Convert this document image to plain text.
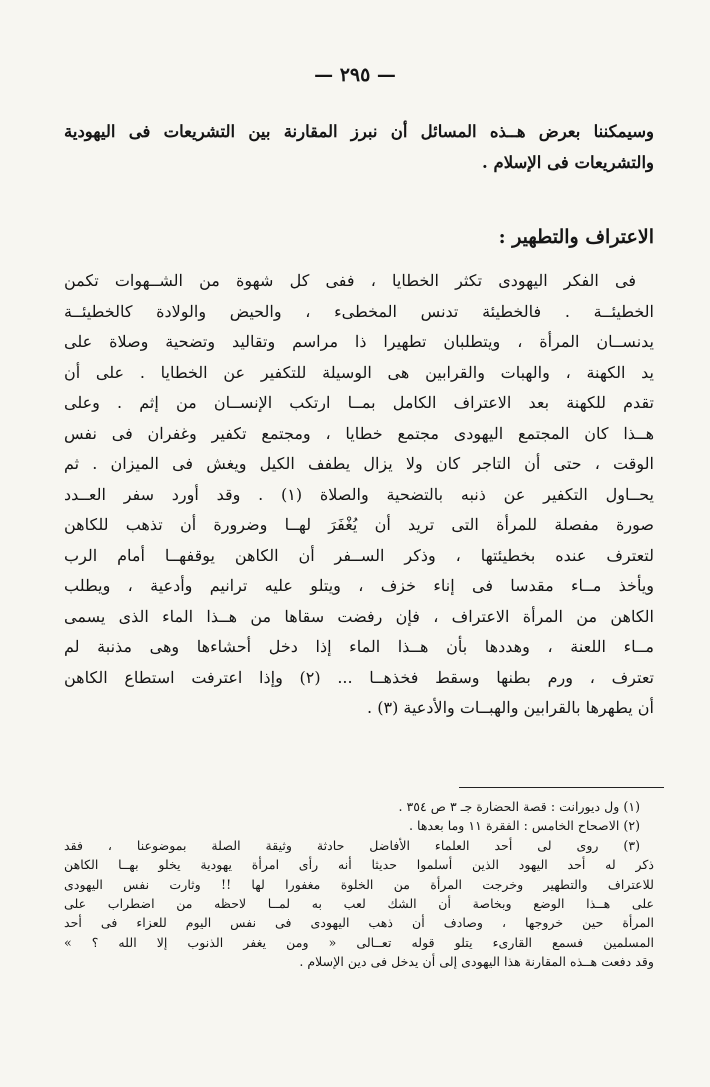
— ٢٩٥ —

وسيمكننا بعرض هــذه المسائل أن نبرز المقارنة بين التشريعات فى اليهودية
والتشريعات فى الإسلام .

الاعتراف والتطهير :

فى الفكر اليهودى تكثر الخطايا ، ففى كل شهوة من الشــهوات تكمن
الخطيئــة . فالخطيئة تدنس المخطىء ، والحيض والولادة كالخطيئــة
يدنســان المرأة ، ويتطلبان تطهيرا ذا مراسم وتقاليد وتضحية وصلاة على
يد الكهنة ، والهبات والقرابين هى الوسيلة للتكفير عن الخطايا . على أن
تقدم للكهنة بعد الاعتراف الكامل بمــا ارتكب الإنســان من إثم . وعلى
هــذا كان المجتمع اليهودى مجتمع خطايا ، ومجتمع تكفير وغفران فى نفس
الوقت ، حتى أن التاجر كان ولا يزال يطفف الكيل ويغش فى الميزان . ثم
يحــاول التكفير عن ذنبه بالتضحية والصلاة (١) . وقد أورد سفر العــدد
صورة مفصلة للمرأة التى تريد أن يُغْفَرَ لهــا وضرورة أن تذهب للكاهن
لتعترف عنده بخطيئتها ، وذكر الســفر أن الكاهن يوقفهــا أمام الرب
ويأخذ مــاء مقدسا فى إناء خزف ، ويتلو عليه ترانيم وأدعية ، ويطلب
الكاهن من المرأة الاعتراف ، فإن رفضت سقاها من هــذا الماء الذى يسمى
مــاء اللعنة ، وهددها بأن هــذا الماء إذا دخل أحشاءها وهى مذنبة لم
تعترف ، ورم بطنها وسقط فخذهــا ... (٢) وإذا اعترفت استطاع الكاهن
أن يطهرها بالقرابين والهبــات والأدعية (٣) .

(١) ول ديورانت : قصة الحضارة جـ ٣ ص ٣٥٤ .
(٢) الاصحاح الخامس : الفقرة ١١ وما بعدها .
(٣) روى لى أحد العلماء الأفاضل حادثة وثيقة الصلة بموضوعنا ، فقد
ذكر له أحد اليهود الذين أسلموا حديثا أنه رأى امرأة يهودية يخلو بهــا الكاهن
للاعتراف والتطهير وخرجت المرأة من الخلوة مغفورا لها !! وثارت نفس اليهودى
على هــذا الوضع وبخاصة أن الشك لعب به لمــا لاحظه من اضطراب على
المرأة حين خروجها ، وصادف أن ذهب اليهودى فى نفس اليوم للعزاء فى أحد
المسلمين فسمع القارىء يتلو قوله تعــالى « ومن يغفر الذنوب إلا الله ؟ »
وقد دفعت هــذه المقارنة هذا اليهودى إلى أن يدخل فى دين الإسلام .
